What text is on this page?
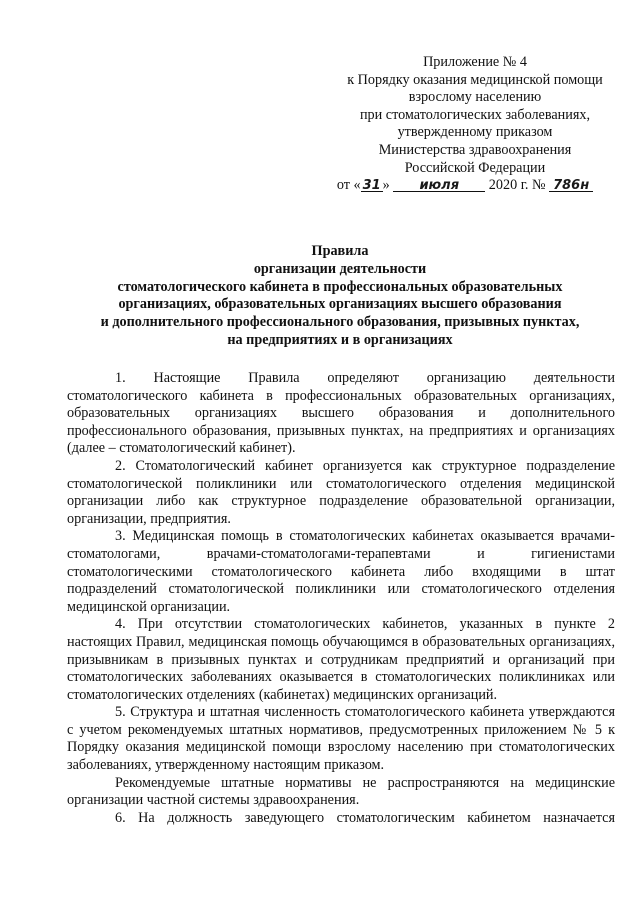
Приложение № 4
к Порядку оказания медицинской помощи
взрослому населению
при стоматологических заболеваниях,
утвержденному приказом
Министерства здравоохранения
Российской Федерации
от « 31 » июля 2020 г. № 786н
Правила
организации деятельности
стоматологического кабинета в профессиональных образовательных
организациях, образовательных организациях высшего образования
и дополнительного профессионального образования, призывных пунктах,
на предприятиях и в организациях

1. Настоящие Правила определяют организацию деятельности стоматологического кабинета в профессиональных образовательных организациях, образовательных организациях высшего образования и дополнительного профессионального образования, призывных пунктах, на предприятиях и организациях (далее – стоматологический кабинет).

2. Стоматологический кабинет организуется как структурное подразделение стоматологической поликлиники или стоматологического отделения медицинской организации либо как структурное подразделение образовательной организации, организации, предприятия.

3. Медицинская помощь в стоматологических кабинетах оказывается врачами-стоматологами, врачами-стоматологами-терапевтами и гигиенистами стоматологическими стоматологического кабинета либо входящими в штат подразделений стоматологической поликлиники или стоматологического отделения медицинской организации.

4. При отсутствии стоматологических кабинетов, указанных в пункте 2 настоящих Правил, медицинская помощь обучающимся в образовательных организациях, призывникам в призывных пунктах и сотрудникам предприятий и организаций при стоматологических заболеваниях оказывается в стоматологических поликлиниках или стоматологических отделениях (кабинетах) медицинских организаций.

5. Структура и штатная численность стоматологического кабинета утверждаются с учетом рекомендуемых штатных нормативов, предусмотренных приложением № 5 к Порядку оказания медицинской помощи взрослому населению при стоматологических заболеваниях, утвержденному настоящим приказом.

Рекомендуемые штатные нормативы не распространяются на медицинские организации частной системы здравоохранения.

6. На должность заведующего стоматологическим кабинетом назначается
